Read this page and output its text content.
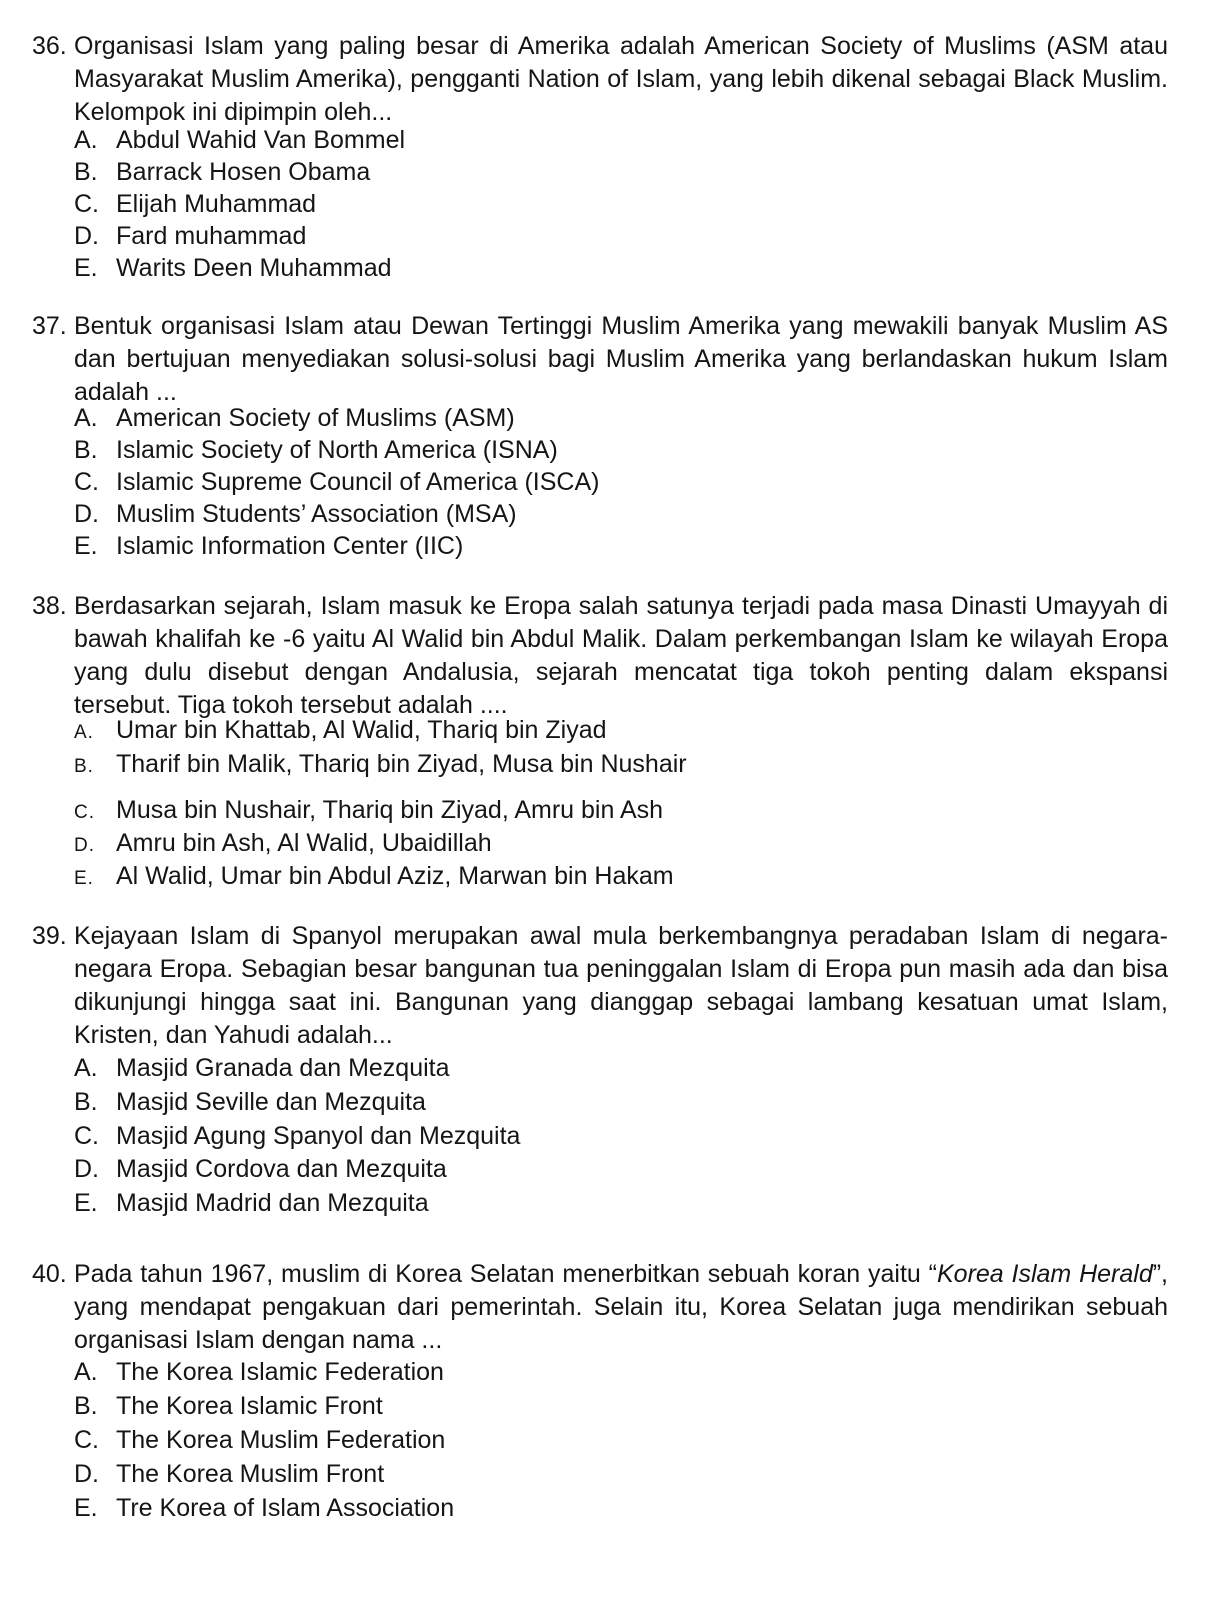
36. Organisasi Islam yang paling besar di Amerika adalah American Society of Muslims (ASM atau Masyarakat Muslim Amerika), pengganti Nation of Islam, yang lebih dikenal sebagai Black Muslim. Kelompok ini dipimpin oleh...
A. Abdul Wahid Van Bommel
B. Barrack Hosen Obama
C. Elijah Muhammad
D. Fard muhammad
E. Warits Deen Muhammad
37. Bentuk organisasi Islam atau Dewan Tertinggi Muslim Amerika yang mewakili banyak Muslim AS dan bertujuan menyediakan solusi-solusi bagi Muslim Amerika yang berlandaskan hukum Islam adalah ...
A. American Society of Muslims (ASM)
B. Islamic Society of North America (ISNA)
C. Islamic Supreme Council of America (ISCA)
D. Muslim Students’ Association (MSA)
E. Islamic Information Center (IIC)
38. Berdasarkan sejarah, Islam masuk ke Eropa salah satunya terjadi pada masa Dinasti Umayyah di bawah khalifah ke -6 yaitu Al Walid bin Abdul Malik. Dalam perkembangan Islam ke wilayah Eropa yang dulu disebut dengan Andalusia, sejarah mencatat tiga tokoh penting dalam ekspansi tersebut. Tiga tokoh tersebut adalah ....
A. Umar bin Khattab, Al Walid, Thariq bin Ziyad
B. Tharif bin Malik, Thariq bin Ziyad, Musa bin Nushair
C. Musa bin Nushair, Thariq bin Ziyad, Amru bin Ash
D. Amru bin Ash, Al Walid, Ubaidillah
E. Al Walid, Umar bin Abdul Aziz, Marwan bin Hakam
39. Kejayaan Islam di Spanyol merupakan awal mula berkembangnya peradaban Islam di negara-negara Eropa. Sebagian besar bangunan tua peninggalan Islam di Eropa pun masih ada dan bisa dikunjungi hingga saat ini. Bangunan yang dianggap sebagai lambang kesatuan umat Islam, Kristen, dan Yahudi adalah...
A. Masjid Granada dan Mezquita
B. Masjid Seville dan Mezquita
C. Masjid Agung Spanyol dan Mezquita
D. Masjid Cordova dan Mezquita
E. Masjid Madrid dan Mezquita
40. Pada tahun 1967, muslim di Korea Selatan menerbitkan sebuah koran yaitu “Korea Islam Herald”, yang mendapat pengakuan dari pemerintah. Selain itu, Korea Selatan juga mendirikan sebuah organisasi Islam dengan nama ...
A. The Korea Islamic Federation
B. The Korea Islamic Front
C. The Korea Muslim Federation
D. The Korea Muslim Front
E. Tre Korea of Islam Association
